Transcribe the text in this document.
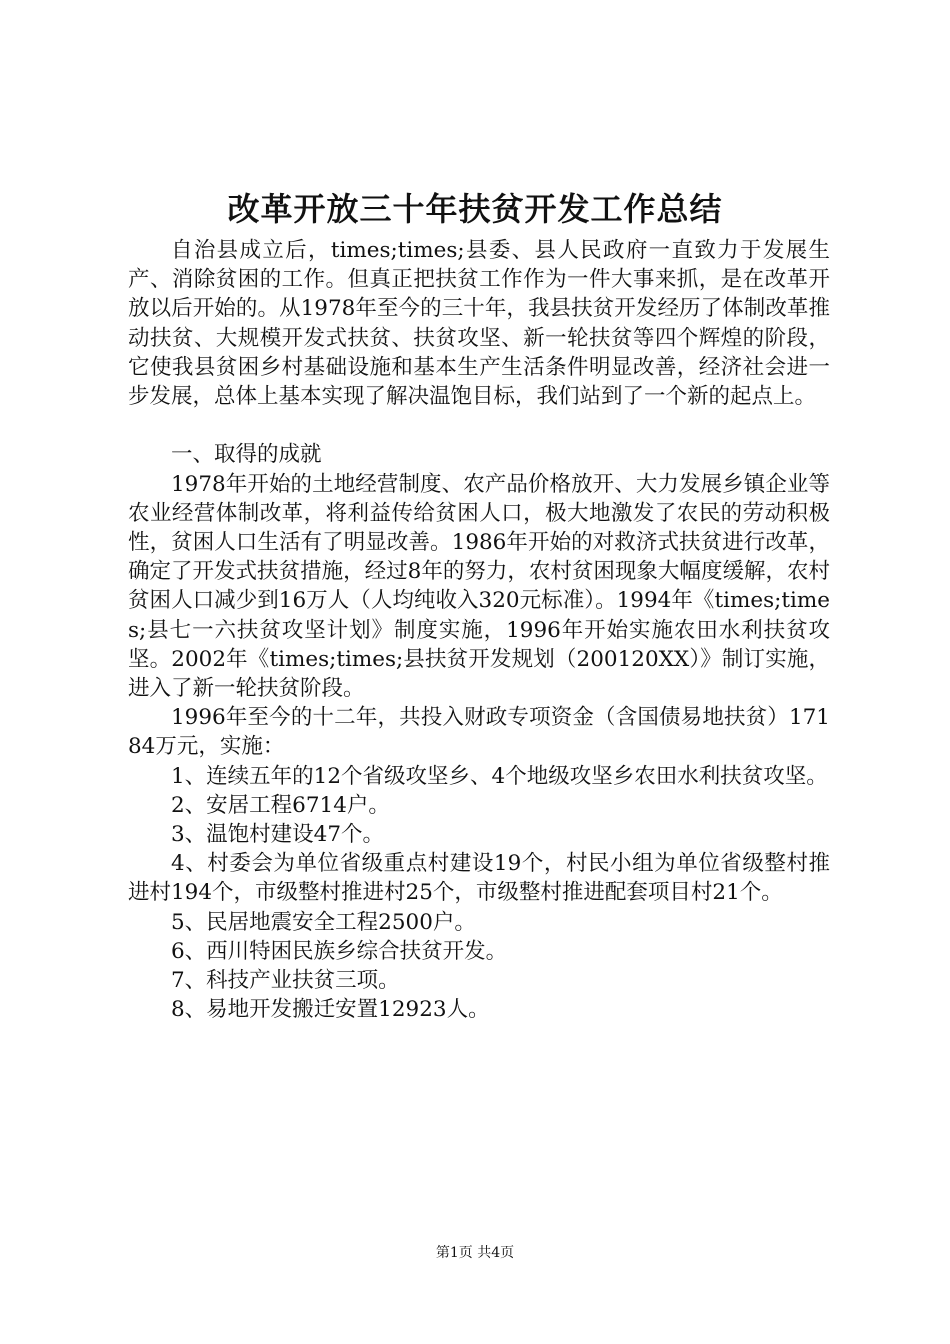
改革开放三十年扶贫开发工作总结

自治县成立后，times;times;县委、县人民政府一直致力于发展生产、消除贫困的工作。但真正把扶贫工作作为一件大事来抓，是在改革开放以后开始的。从1978年至今的三十年，我县扶贫开发经历了体制改革推动扶贫、大规模开发式扶贫、扶贫攻坚、新一轮扶贫等四个辉煌的阶段，它使我县贫困乡村基础设施和基本生产生活条件明显改善，经济社会进一步发展，总体上基本实现了解决温饱目标，我们站到了一个新的起点上。

一、取得的成就

1978年开始的土地经营制度、农产品价格放开、大力发展乡镇企业等农业经营体制改革，将利益传给贫困人口，极大地激发了农民的劳动积极性，贫困人口生活有了明显改善。1986年开始的对救济式扶贫进行改革，确定了开发式扶贫措施，经过8年的努力，农村贫困现象大幅度缓解，农村贫困人口减少到16万人（人均纯收入320元标准）。1994年《times;times;县七一六扶贫攻坚计划》制度实施，1996年开始实施农田水利扶贫攻坚。2002年《times;times;县扶贫开发规划（200120XX）》制订实施，进入了新一轮扶贫阶段。

1996年至今的十二年，共投入财政专项资金（含国债易地扶贫）17184万元，实施：

1、连续五年的12个省级攻坚乡、4个地级攻坚乡农田水利扶贫攻坚。

2、安居工程6714户。

3、温饱村建设47个。

4、村委会为单位省级重点村建设19个，村民小组为单位省级整村推进村194个，市级整村推进村25个，市级整村推进配套项目村21个。

5、民居地震安全工程2500户。

6、西川特困民族乡综合扶贫开发。

7、科技产业扶贫三项。

8、易地开发搬迁安置12923人。

第1页 共4页
